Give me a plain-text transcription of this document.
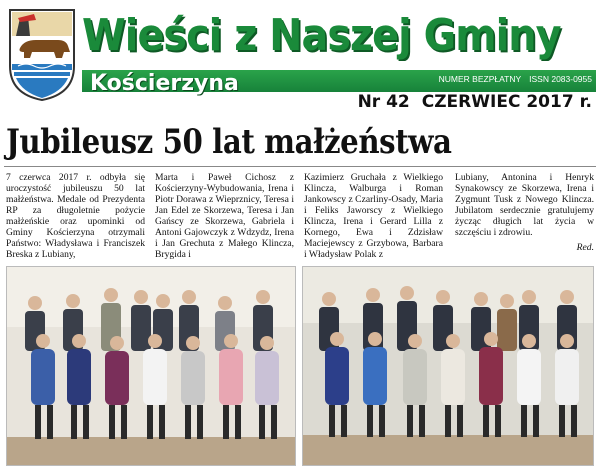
Wieści z Naszej Gminy
Kościerzyna	NUMER BEZPŁATNY ISSN 2083-0955
Nr 42 CZERWIEC 2017 r.
Jubileusz 50 lat małżeństwa
7 czerwca 2017 r. odbyła się uroczystość jubileuszu 50 lat małżeństwa. Medale od Prezydenta RP za długoletnie pożycie małżeńskie oraz upominki od Gminy Kościerzyna otrzymali Państwo: Władysława i Franciszek Breska z Lubiany,
Marta i Paweł Cichosz z Kościerzyny-Wybudowania, Irena i Piotr Dorawa z Wieprznicy, Teresa i Jan Edel ze Skorzewa, Teresa i Jan Gańscy ze Skorzewa, Gabriela i Antoni Gajowczyk z Wdzydz, Irena i Jan Grechuta z Małego Klincza, Brygida i
Kazimierz Gruchała z Wielkiego Klincza, Walburga i Roman Jankowscy z Czarliny-Osady, Maria i Feliks Jaworscy z Wielkiego Klincza, Irena i Gerard Lilla z Kornego, Ewa i Zdzisław Maciejewscy z Grzybowa, Barbara i Władysław Polak z
Lubiany, Antonina i Henryk Synakowscy ze Skorzewa, Irena i Zygmunt Tusk z Nowego Klincza. Jubilatom serdecznie gratulujemy życząc długich lat życia w szczęściu i zdrowiu.
Red.
